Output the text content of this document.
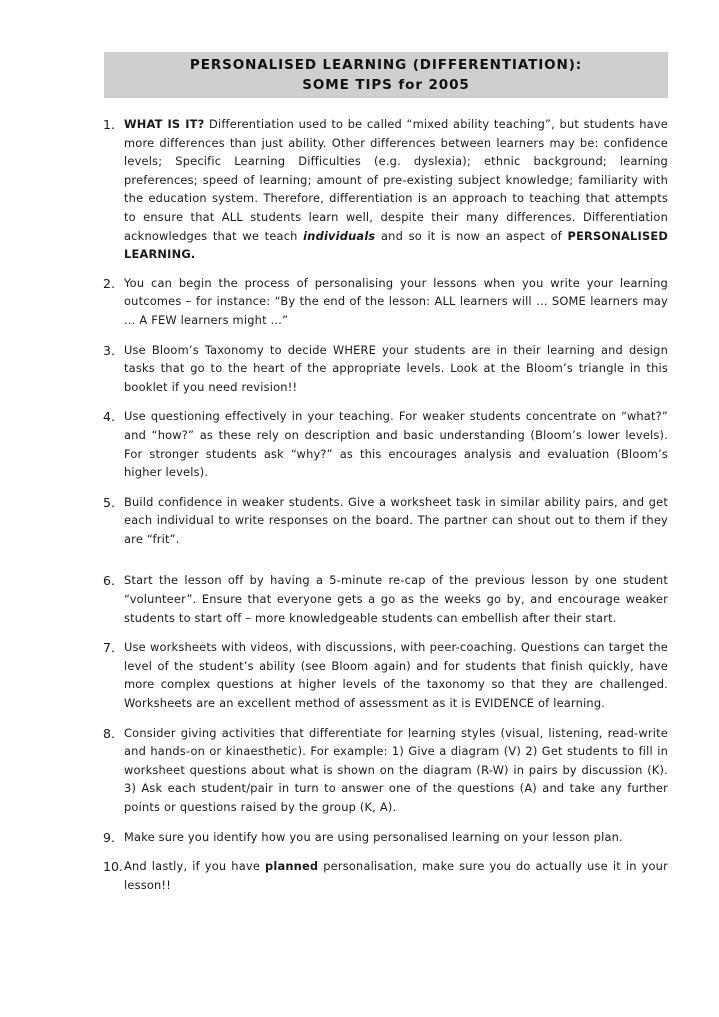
PERSONALISED LEARNING (DIFFERENTIATION):
SOME TIPS for 2005
1. WHAT IS IT? Differentiation used to be called “mixed ability teaching”, but students have more differences than just ability. Other differences between learners may be: confidence levels; Specific Learning Difficulties (e.g. dyslexia); ethnic background; learning preferences; speed of learning; amount of pre-existing subject knowledge; familiarity with the education system. Therefore, differentiation is an approach to teaching that attempts to ensure that ALL students learn well, despite their many differences. Differentiation acknowledges that we teach individuals and so it is now an aspect of PERSONALISED LEARNING.
2. You can begin the process of personalising your lessons when you write your learning outcomes – for instance: “By the end of the lesson: ALL learners will … SOME learners may … A FEW learners might …”
3. Use Bloom’s Taxonomy to decide WHERE your students are in their learning and design tasks that go to the heart of the appropriate levels. Look at the Bloom’s triangle in this booklet if you need revision!!
4. Use questioning effectively in your teaching. For weaker students concentrate on “what?” and “how?” as these rely on description and basic understanding (Bloom’s lower levels). For stronger students ask “why?” as this encourages analysis and evaluation (Bloom’s higher levels).
5. Build confidence in weaker students. Give a worksheet task in similar ability pairs, and get each individual to write responses on the board. The partner can shout out to them if they are “frit”.
6. Start the lesson off by having a 5-minute re-cap of the previous lesson by one student “volunteer”. Ensure that everyone gets a go as the weeks go by, and encourage weaker students to start off – more knowledgeable students can embellish after their start.
7. Use worksheets with videos, with discussions, with peer-coaching. Questions can target the level of the student’s ability (see Bloom again) and for students that finish quickly, have more complex questions at higher levels of the taxonomy so that they are challenged. Worksheets are an excellent method of assessment as it is EVIDENCE of learning.
8. Consider giving activities that differentiate for learning styles (visual, listening, read-write and hands-on or kinaesthetic). For example: 1) Give a diagram (V) 2) Get students to fill in worksheet questions about what is shown on the diagram (R-W) in pairs by discussion (K). 3) Ask each student/pair in turn to answer one of the questions (A) and take any further points or questions raised by the group (K, A).
9. Make sure you identify how you are using personalised learning on your lesson plan.
10. And lastly, if you have planned personalisation, make sure you do actually use it in your lesson!!
